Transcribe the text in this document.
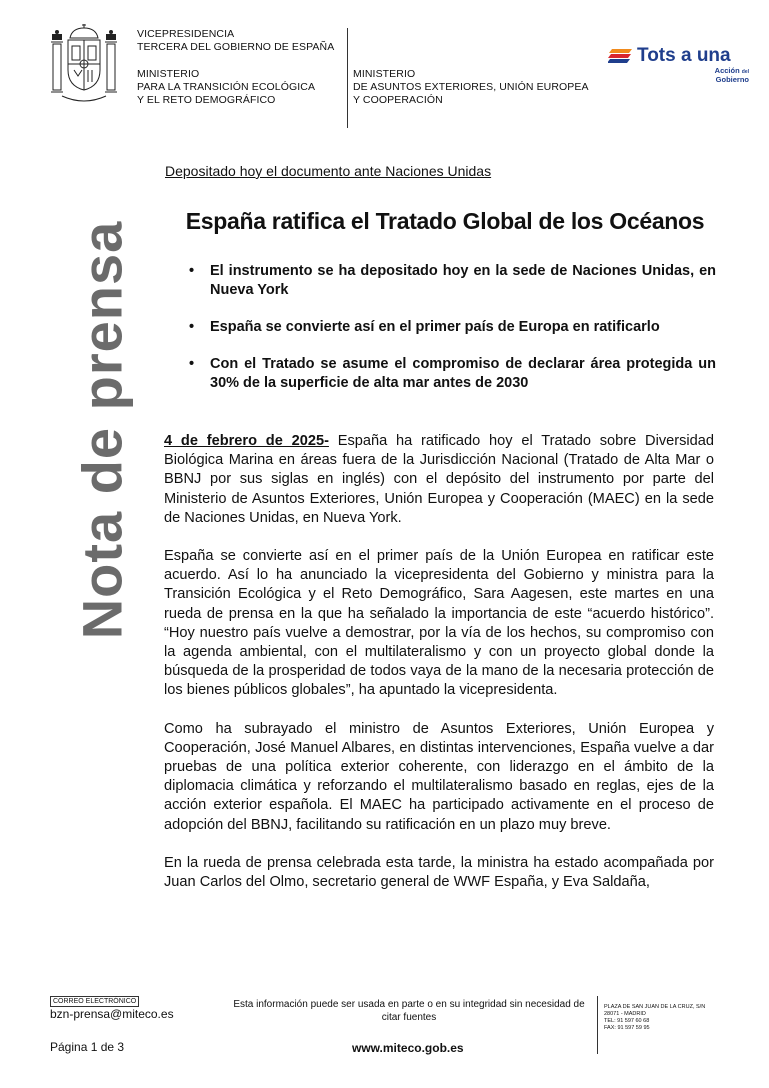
VICEPRESIDENCIA
TERCERA DEL GOBIERNO DE ESPAÑA
MINISTERIO
PARA LA TRANSICIÓN ECOLÓGICA
Y EL RETO DEMOGRÁFICO
MINISTERIO
DE ASUNTOS EXTERIORES, UNIÓN EUROPEA
Y COOPERACIÓN
Tots a una
Acción del
Gobierno
Nota de prensa
Depositado hoy el documento ante Naciones Unidas
España ratifica el Tratado Global de los Océanos
• El instrumento se ha depositado hoy en la sede de Naciones Unidas, en Nueva York
• España se convierte así en el primer país de Europa en ratificarlo
• Con el Tratado se asume el compromiso de declarar área protegida un 30% de la superficie de alta mar antes de 2030

4 de febrero de 2025- España ha ratificado hoy el Tratado sobre Diversidad Biológica Marina en áreas fuera de la Jurisdicción Nacional (Tratado de Alta Mar o BBNJ por sus siglas en inglés) con el depósito del instrumento por parte del Ministerio de Asuntos Exteriores, Unión Europea y Cooperación (MAEC) en la sede de Naciones Unidas, en Nueva York.

España se convierte así en el primer país de la Unión Europea en ratificar este acuerdo. Así lo ha anunciado la vicepresidenta del Gobierno y ministra para la Transición Ecológica y el Reto Demográfico, Sara Aagesen, este martes en una rueda de prensa en la que ha señalado la importancia de este “acuerdo histórico”. “Hoy nuestro país vuelve a demostrar, por la vía de los hechos, su compromiso con la agenda ambiental, con el multilateralismo y con un proyecto global donde la búsqueda de la prosperidad de todos vaya de la mano de la necesaria protección de los bienes públicos globales”, ha apuntado la vicepresidenta.

Como ha subrayado el ministro de Asuntos Exteriores, Unión Europea y Cooperación, José Manuel Albares, en distintas intervenciones, España vuelve a dar pruebas de una política exterior coherente, con liderazgo en el ámbito de la diplomacia climática y reforzando el multilateralismo basado en reglas, ejes de la acción exterior española. El MAEC ha participado activamente en el proceso de adopción del BBNJ, facilitando su ratificación en un plazo muy breve.

En la rueda de prensa celebrada esta tarde, la ministra ha estado acompañada por Juan Carlos del Olmo, secretario general de WWF España, y Eva Saldaña,

CORREO ELECTRÓNICO
bzn-prensa@miteco.es
Esta información puede ser usada en parte o en su integridad sin necesidad de citar fuentes
PLAZA DE SAN JUAN DE LA CRUZ, S/N
28071 - MADRID
TEL: 91 597 60 68
FAX: 91 597 59 95
Página 1 de 3	www.miteco.gob.es
